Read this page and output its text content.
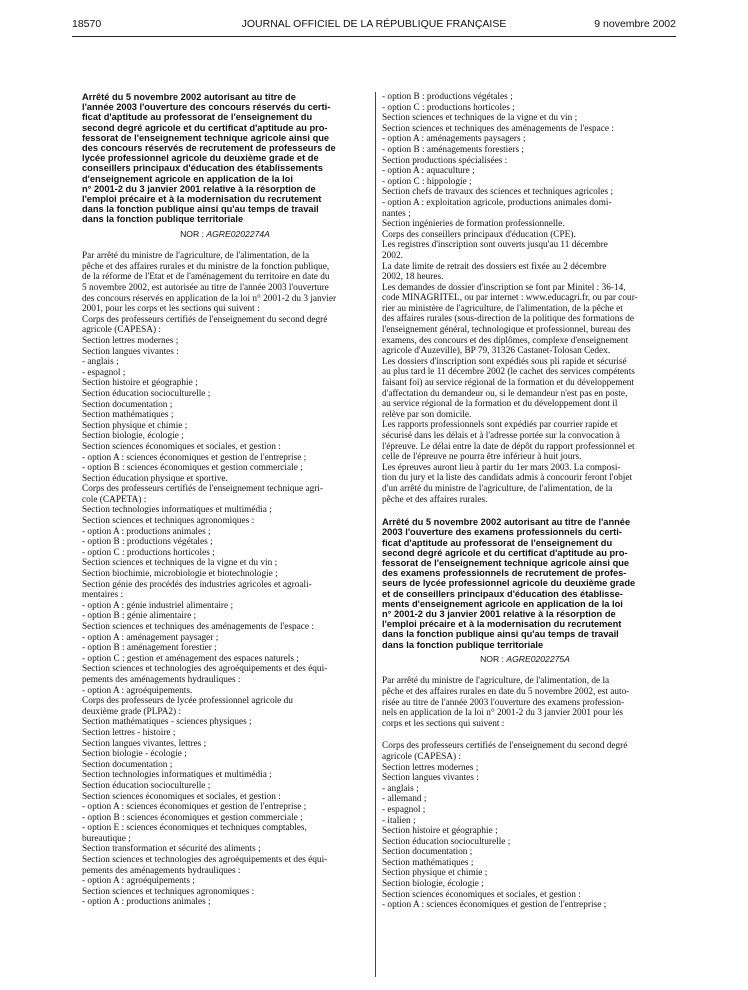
18570	JOURNAL OFFICIEL DE LA RÉPUBLIQUE FRANÇAISE	9 novembre 2002
Arrêté du 5 novembre 2002 autorisant au titre de
l'année 2003 l'ouverture des concours réservés du certi-
ficat d'aptitude au professorat de l'enseignement du
second degré agricole et du certificat d'aptitude au pro-
fessorat de l'enseignement technique agricole ainsi que
des concours réservés de recrutement de professeurs de
lycée professionnel agricole du deuxième grade et de
conseillers principaux d'éducation des établissements
d'enseignement agricole en application de la loi
n° 2001-2 du 3 janvier 2001 relative à la résorption de
l'emploi précaire et à la modernisation du recrutement
dans la fonction publique ainsi qu'au temps de travail
dans la fonction publique territoriale
NOR : AGRE0202274A
Par arrêté du ministre de l'agriculture, de l'alimentation, de la
pêche et des affaires rurales et du ministre de la fonction publique,
de la réforme de l'Etat et de l'aménagement du territoire en date du
5 novembre 2002, est autorisée au titre de l'année 2003 l'ouverture
des concours réservés en application de la loi n° 2001-2 du 3 janvier
2001, pour les corps et les sections qui suivent :
Corps des professeurs certifiés de l'enseignement du second degré
agricole (CAPESA) :
Section lettres modernes ;
Section langues vivantes :
- anglais ;
- espagnol ;
Section histoire et géographie ;
Section éducation socioculturelle ;
Section documentation ;
Section mathématiques ;
Section physique et chimie ;
Section biologie, écologie ;
Section sciences économiques et sociales, et gestion :
- option A : sciences économiques et gestion de l'entreprise ;
- option B : sciences économiques et gestion commerciale ;
Section éducation physique et sportive.
Corps des professeurs certifiés de l'enseignement technique agri-
cole (CAPETA) :
Section technologies informatiques et multimédia ;
Section sciences et techniques agronomiques :
- option A : productions animales ;
- option B : productions végétales ;
- option C : productions horticoles ;
Section sciences et techniques de la vigne et du vin ;
Section biochimie, microbiologie et biotechnologie ;
Section génie des procédés des industries agricoles et agroali-
mentaires :
- option A : génie industriel alimentaire ;
- option B : génie alimentaire ;
Section sciences et techniques des aménagements de l'espace :
- option A : aménagement paysager ;
- option B : aménagement forestier ;
- option C : gestion et aménagement des espaces naturels ;
Section sciences et technologies des agroéquipements et des équi-
pements des aménagements hydrauliques :
- option A : agroéquipements.
Corps des professeurs de lycée professionnel agricole du
deuxième grade (PLPA2) :
Section mathématiques - sciences physiques ;
Section lettres - histoire ;
Section langues vivantes, lettres ;
Section biologie - écologie ;
Section documentation ;
Section technologies informatiques et multimédia ;
Section éducation socioculturelle ;
Section sciences économiques et sociales, et gestion :
- option A : sciences économiques et gestion de l'entreprise ;
- option B : sciences économiques et gestion commerciale ;
- option E : sciences économiques et techniques comptables,
bureautique ;
Section transformation et sécurité des aliments ;
Section sciences et technologies des agroéquipements et des équi-
pements des aménagements hydrauliques :
- option A : agroéquipements ;
Section sciences et techniques agronomiques :
- option A : productions animales ;
- option B : productions végétales ;
- option C : productions horticoles ;
Section sciences et techniques de la vigne et du vin ;
Section sciences et techniques des aménagements de l'espace :
- option A : aménagements paysagers ;
- option B : aménagements forestiers ;
Section productions spécialisées :
- option A : aquaculture ;
- option C : hippologie ;
Section chefs de travaux des sciences et techniques agricoles ;
- option A : exploitation agricole, productions animales domi-
nantes ;
Section ingénieries de formation professionnelle.
Corps des conseillers principaux d'éducation (CPE).
Les registres d'inscription sont ouverts jusqu'au 11 décembre
2002.
La date limite de retrait des dossiers est fixée au 2 décembre
2002, 18 heures.
Les demandes de dossier d'inscription se font par Minitel : 36-14,
code MINAGRITEL, ou par internet : www.educagri.fr, ou par cour-
rier au ministère de l'agriculture, de l'alimentation, de la pêche et
des affaires rurales (sous-direction de la politique des formations de
l'enseignement général, technologique et professionnel, bureau des
examens, des concours et des diplômes, complexe d'enseignement
agricole d'Auzeville), BP 79, 31326 Castanet-Tolosan Cedex.
Les dossiers d'inscription sont expédiés sous pli rapide et sécurisé
au plus tard le 11 décembre 2002 (le cachet des services compétents
faisant foi) au service régional de la formation et du développement
d'affectation du demandeur ou, si le demandeur n'est pas en poste,
au service régional de la formation et du développement dont il
relève par son domicile.
Les rapports professionnels sont expédiés par courrier rapide et
sécurisé dans les délais et à l'adresse portée sur la convocation à
l'épreuve. Le délai entre la date de dépôt du rapport professionnel et
celle de l'épreuve ne pourra être inférieur à huit jours.
Les épreuves auront lieu à partir du 1er mars 2003. La composi-
tion du jury et la liste des candidats admis à concourir feront l'objet
d'un arrêté du ministre de l'agriculture, de l'alimentation, de la
pêche et des affaires rurales.
Arrêté du 5 novembre 2002 autorisant au titre de l'année
2003 l'ouverture des examens professionnels du certi-
ficat d'aptitude au professorat de l'enseignement du
second degré agricole et du certificat d'aptitude au pro-
fessorat de l'enseignement technique agricole ainsi que
des examens professionnels de recrutement de profes-
seurs de lycée professionnel agricole du deuxième grade
et de conseillers principaux d'éducation des établisse-
ments d'enseignement agricole en application de la loi
n° 2001-2 du 3 janvier 2001 relative à la résorption de
l'emploi précaire et à la modernisation du recrutement
dans la fonction publique ainsi qu'au temps de travail
dans la fonction publique territoriale
NOR : AGRE0202275A
Par arrêté du ministre de l'agriculture, de l'alimentation, de la
pêche et des affaires rurales en date du 5 novembre 2002, est auto-
risée au titre de l'année 2003 l'ouverture des examens profession-
nels en application de la loi n° 2001-2 du 3 janvier 2001 pour les
corps et les sections qui suivent :
Corps des professeurs certifiés de l'enseignement du second degré
agricole (CAPESA) :
Section lettres modernes ;
Section langues vivantes :
- anglais ;
- allemand ;
- espagnol ;
- italien ;
Section histoire et géographie ;
Section éducation socioculturelle ;
Section documentation ;
Section mathématiques ;
Section physique et chimie ;
Section biologie, écologie ;
Section sciences économiques et sociales, et gestion :
- option A : sciences économiques et gestion de l'entreprise ;
